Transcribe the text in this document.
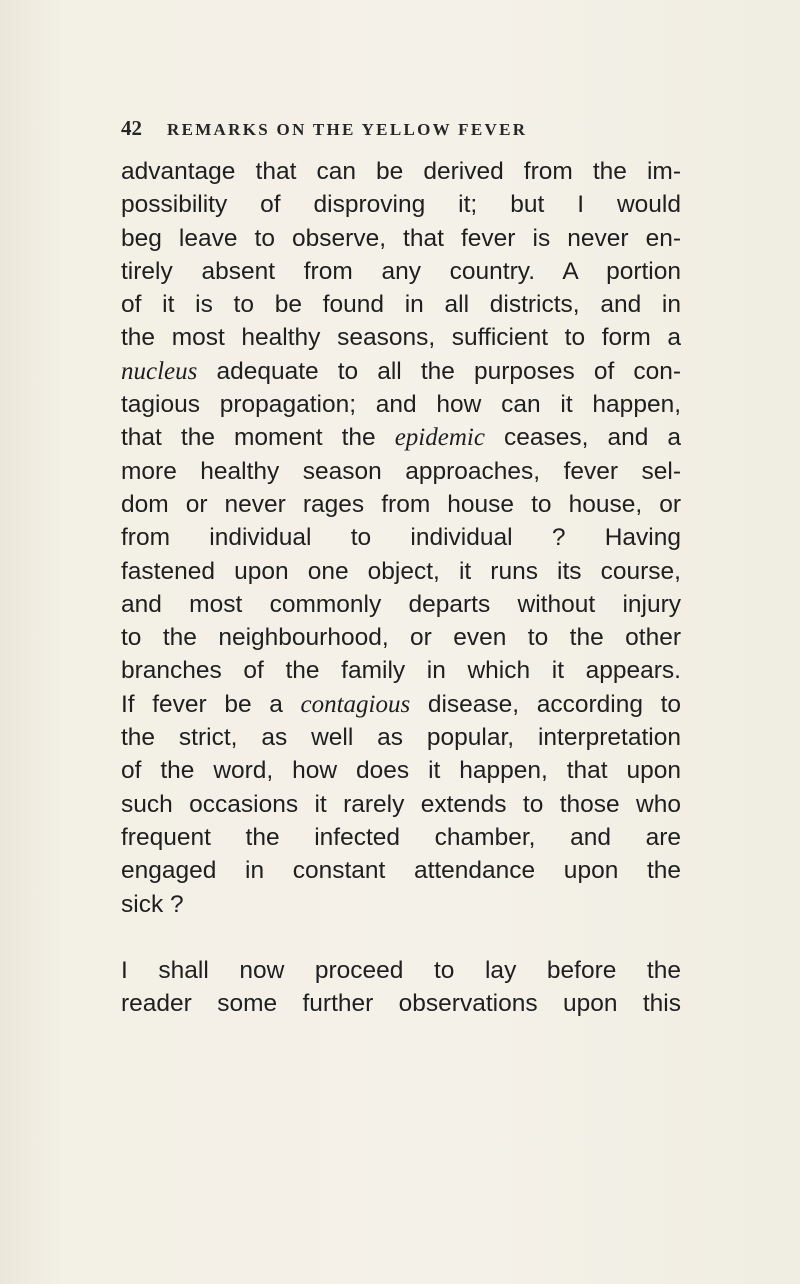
42 REMARKS ON THE YELLOW FEVER
advantage that can be derived from the im-
possibility of disproving it; but I would
beg leave to observe, that fever is never en-
tirely absent from any country. A portion
of it is to be found in all districts, and in
the most healthy seasons, sufficient to form a
nucleus adequate to all the purposes of con-
tagious propagation; and how can it happen,
that the moment the epidemic ceases, and a
more healthy season approaches, fever sel-
dom or never rages from house to house, or
from individual to individual ? Having
fastened upon one object, it runs its course,
and most commonly departs without injury
to the neighbourhood, or even to the other
branches of the family in which it appears.
If fever be a contagious disease, according to
the strict, as well as popular, interpretation
of the word, how does it happen, that upon
such occasions it rarely extends to those who
frequent the infected chamber, and are
engaged in constant attendance upon the
sick ?
I shall now proceed to lay before the
reader some further observations upon this
